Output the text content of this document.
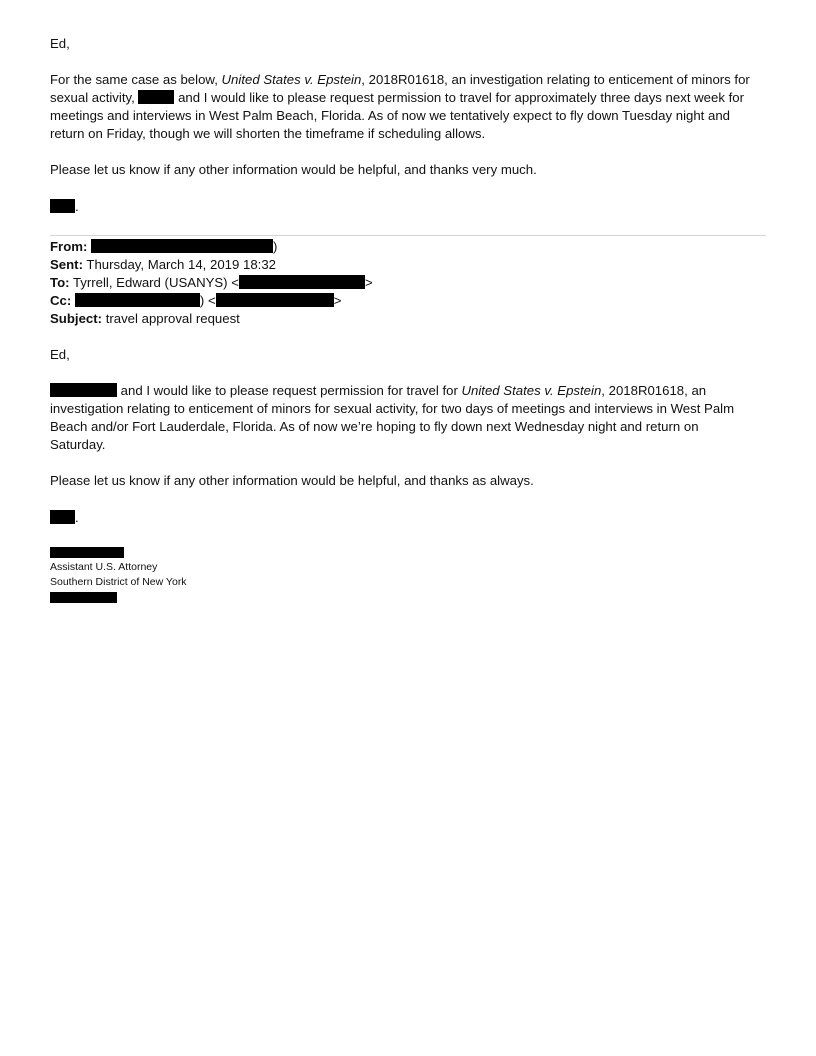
Ed,
For the same case as below, United States v. Epstein, 2018R01618, an investigation relating to enticement of minors for
sexual activity,	and I would like to please request permission to travel for approximately three days next week for
meetings and interviews in West Palm Beach, Florida. As of now we tentatively expect to fly down Tuesday night and
return on Friday, though we will shorten the timeframe if scheduling allows.
Please let us know if any other information would be helpful, and thanks very much.
.
From:	)
Sent: Thursday, March 14, 2019 18:32
To: Tyrrell, Edward (USANYS) <	>
Cc:	) <	>
Subject: travel approval request
Ed,
and I would like to please request permission for travel for United States v. Epstein, 2018R01618, an
investigation relating to enticement of minors for sexual activity, for two days of meetings and interviews in West Palm
Beach and/or Fort Lauderdale, Florida. As of now we’re hoping to fly down next Wednesday night and return on
Saturday.
Please let us know if any other information would be helpful, and thanks as always.
.
Assistant U.S. Attorney
Southern District of New York
